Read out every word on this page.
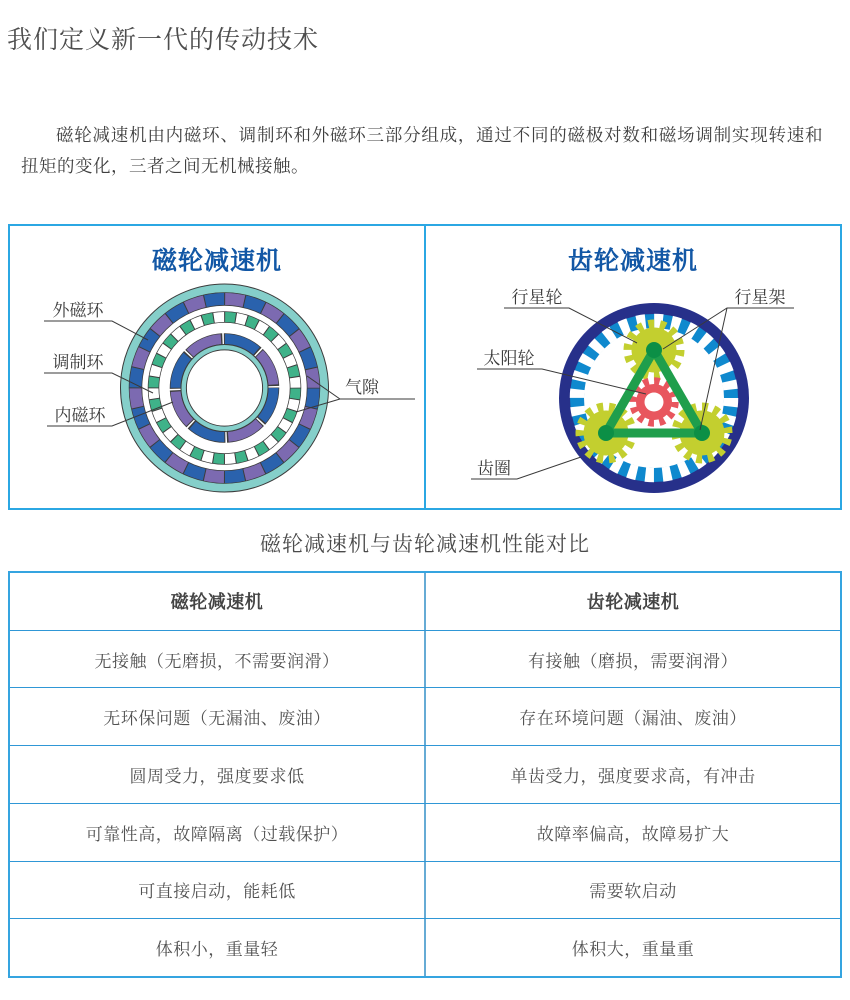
我们定义新一代的传动技术

磁轮减速机由内磁环、调制环和外磁环三部分组成，通过不同的磁极对数和磁场调制实现转速和扭矩的变化，三者之间无机械接触。

磁轮减速机
外磁环
调制环
内磁环
气隙
齿轮减速机
行星轮	行星架
太阳轮
齿圈
磁轮减速机与齿轮减速机性能对比
磁轮减速机	齿轮减速机
无接触（无磨损，不需要润滑）	有接触（磨损，需要润滑）
无环保问题（无漏油、废油）	存在环境问题（漏油、废油）
圆周受力，强度要求低	单齿受力，强度要求高，有冲击
可靠性高，故障隔离（过载保护）	故障率偏高，故障易扩大
可直接启动，能耗低	需要软启动
体积小，重量轻	体积大，重量重
